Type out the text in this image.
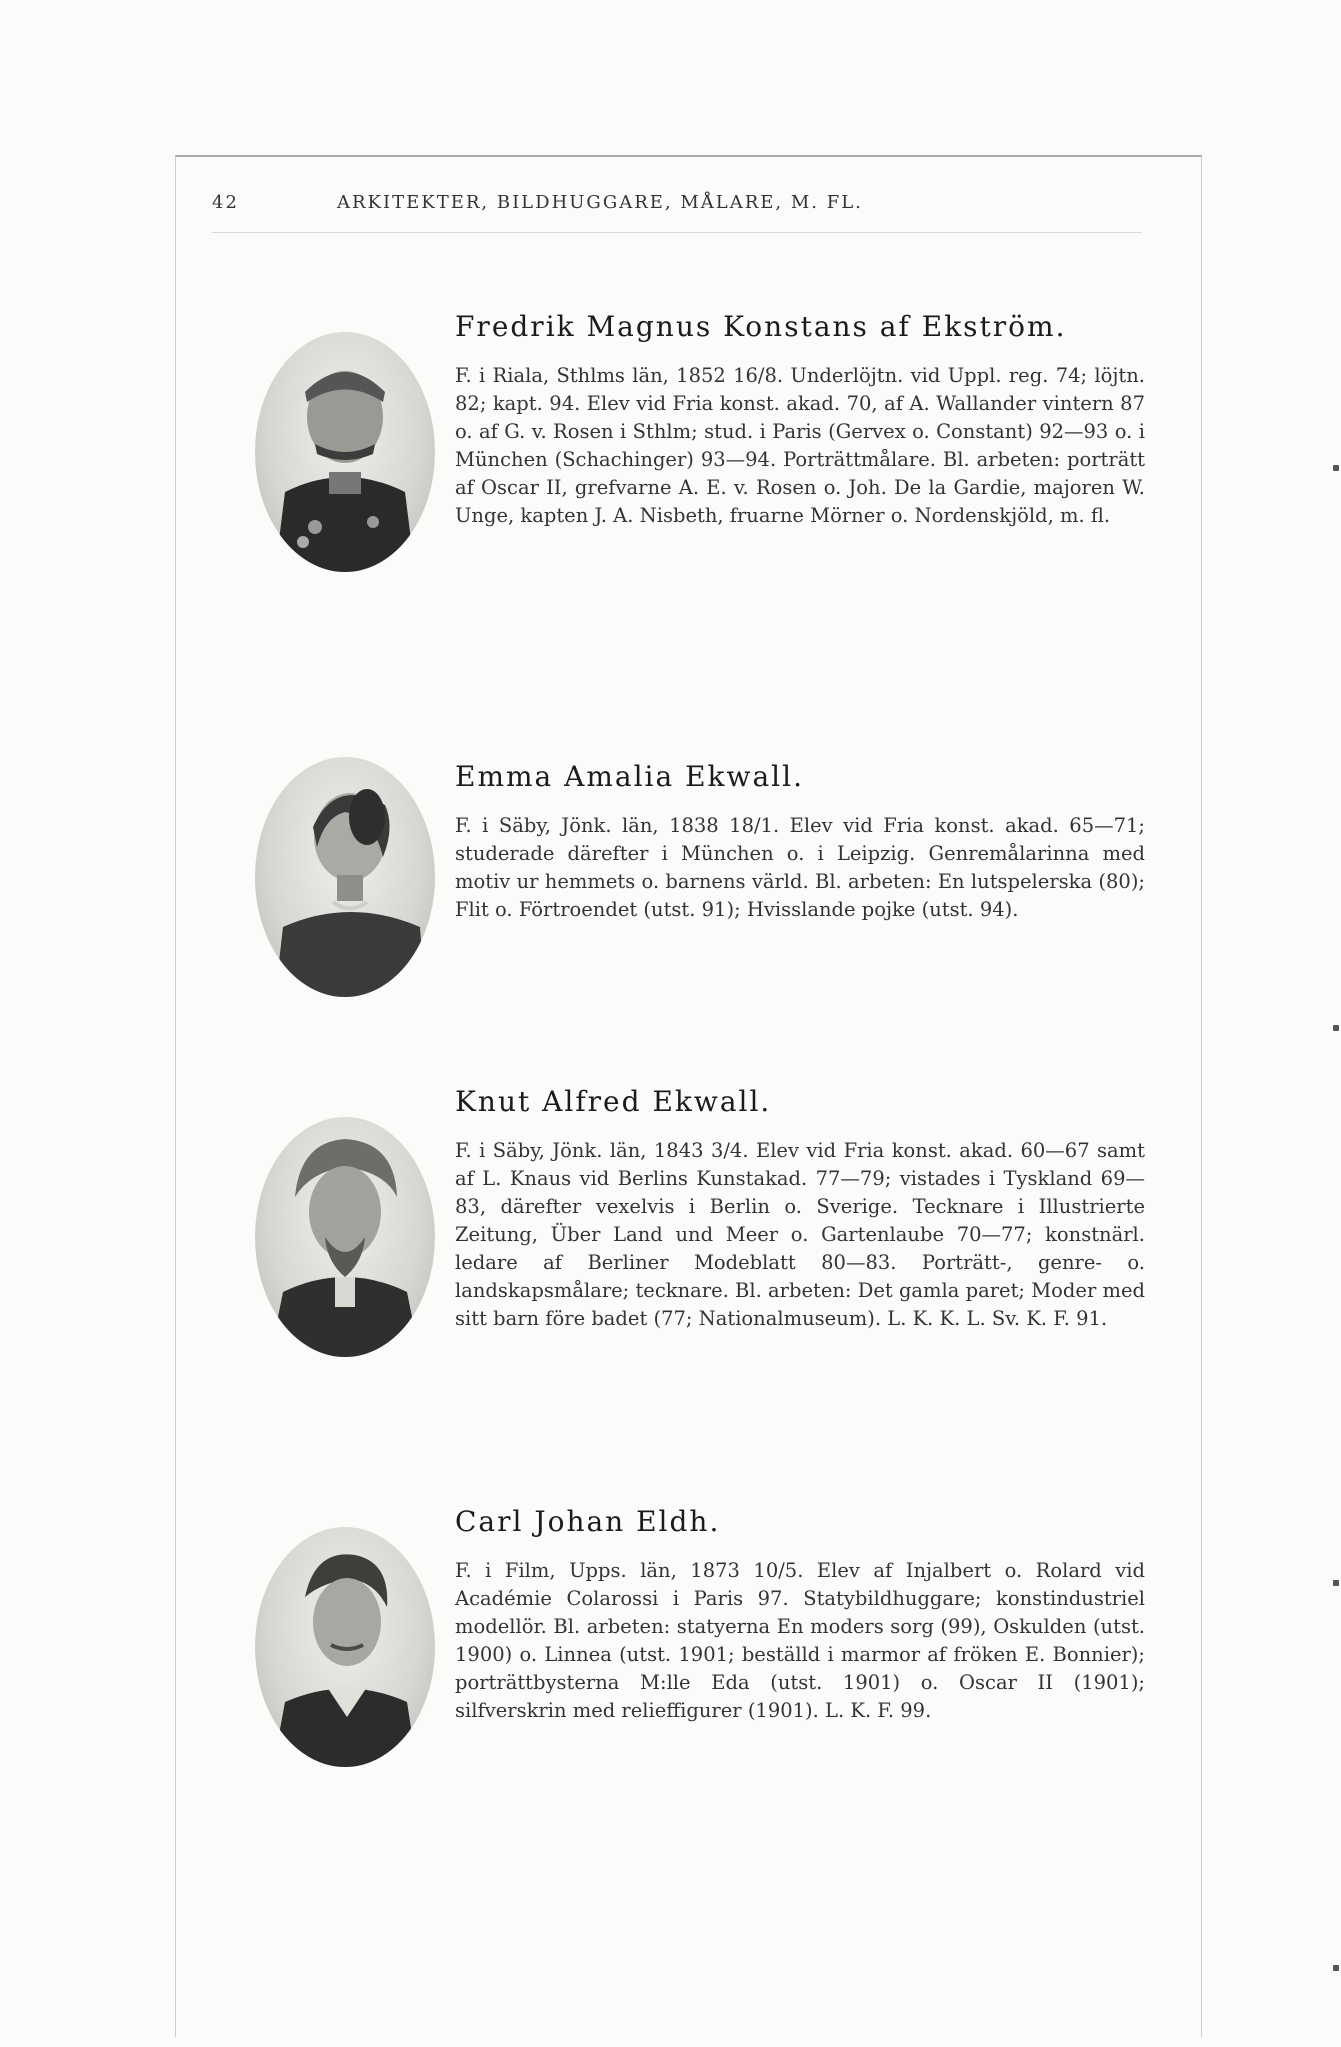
42	ARKITEKTER, BILDHUGGARE, MÅLARE, M. FL.
Fredrik Magnus Konstans af Ekström.
F. i Riala, Sthlms län, 1852 16/8. Underlöjtn. vid Uppl. reg. 74; löjtn. 82; kapt. 94. Elev vid Fria konst. akad. 70, af A. Wallander vintern 87 o. af G. v. Rosen i Sthlm; stud. i Paris (Gervex o. Constant) 92—93 o. i München (Schachinger) 93—94. Porträttmålare. Bl. arbeten: porträtt af Oscar II, grefvarne A. E. v. Rosen o. Joh. De la Gardie, majoren W. Unge, kapten J. A. Nisbeth, fruarne Mörner o. Nordenskjöld, m. fl.
Emma Amalia Ekwall.
F. i Säby, Jönk. län, 1838 18/1. Elev vid Fria konst. akad. 65—71; studerade därefter i München o. i Leipzig. Genremålarinna med motiv ur hemmets o. barnens värld. Bl. arbeten: En lutspelerska (80); Flit o. Förtroendet (utst. 91); Hvisslande pojke (utst. 94).
Knut Alfred Ekwall.
F. i Säby, Jönk. län, 1843 3/4. Elev vid Fria konst. akad. 60—67 samt af L. Knaus vid Berlins Kunstakad. 77—79; vistades i Tyskland 69—83, därefter vexelvis i Berlin o. Sverige. Tecknare i Illustrierte Zeitung, Über Land und Meer o. Gartenlaube 70—77; konstnärl. ledare af Berliner Modeblatt 80—83. Porträtt-, genre- o. landskapsmålare; tecknare. Bl. arbeten: Det gamla paret; Moder med sitt barn före badet (77; Nationalmuseum). L. K. K. L. Sv. K. F. 91.
Carl Johan Eldh.
F. i Film, Upps. län, 1873 10/5. Elev af Injalbert o. Rolard vid Académie Colarossi i Paris 97. Statybildhuggare; konstindustriel modellör. Bl. arbeten: statyerna En moders sorg (99), Oskulden (utst. 1900) o. Linnea (utst. 1901; beställd i marmor af fröken E. Bonnier); porträttbysterna M:lle Eda (utst. 1901) o. Oscar II (1901); silfverskrin med relieffigurer (1901). L. K. F. 99.
